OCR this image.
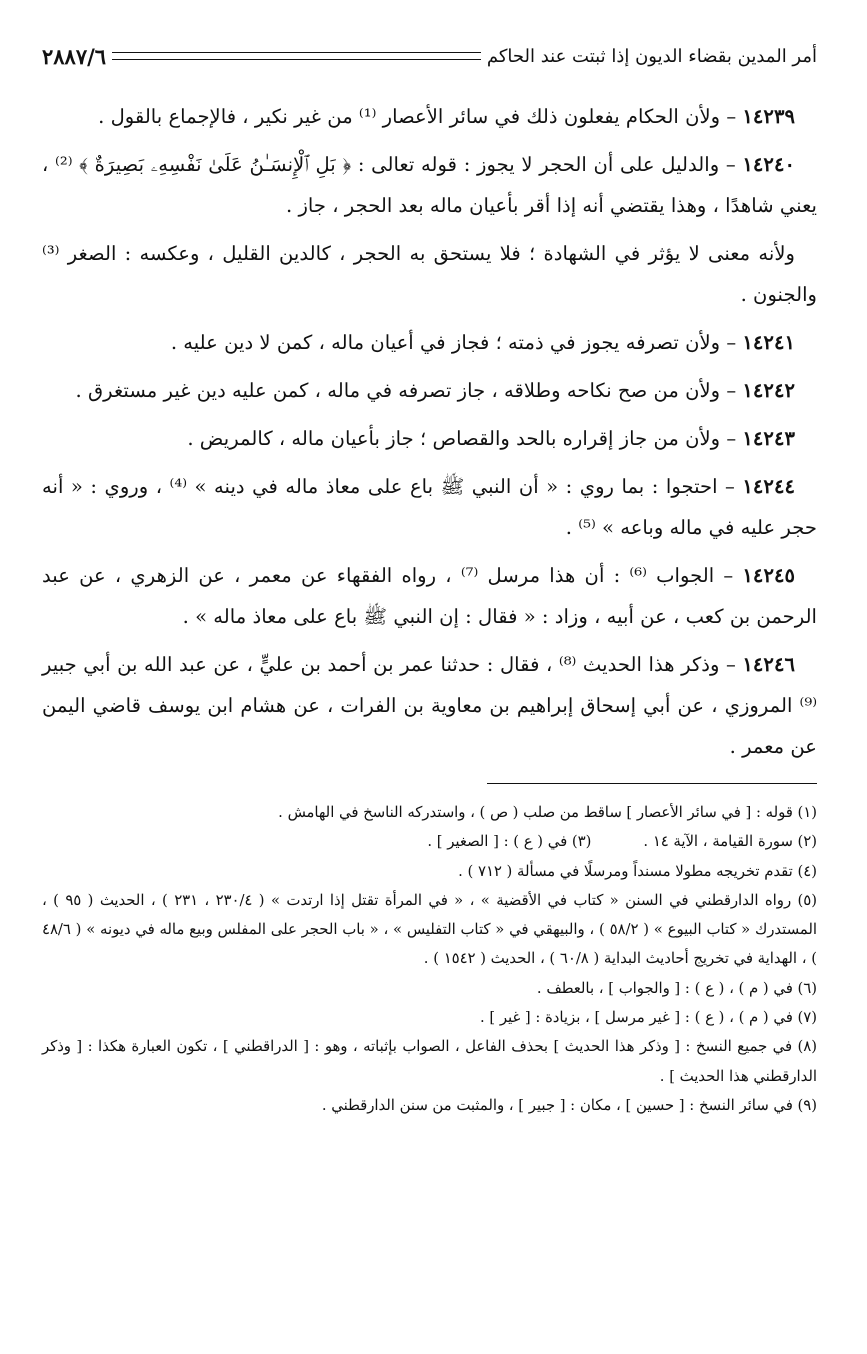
أمر المدين بقضاء الديون إذا ثبتت عند الحاكم
٢٨٨٧/٦

١٤٢٣٩ – ولأن الحكام يفعلون ذلك في سائر الأعصار ⁽¹⁾ من غير نكير ، فالإجماع بالقول .

١٤٢٤٠ – والدليل على أن الحجر لا يجوز : قوله تعالى : ﴿ بَلِ ٱلْإِنسَـٰنُ عَلَىٰ نَفْسِهِۦ بَصِيرَةٌ ﴾ ⁽²⁾ ، يعني شاهدًا ، وهذا يقتضي أنه إذا أقر بأعيان ماله بعد الحجر ، جاز .

ولأنه معنى لا يؤثر في الشهادة ؛ فلا يستحق به الحجر ، كالدين القليل ، وعكسه : الصغر ⁽³⁾ والجنون .

١٤٢٤١ – ولأن تصرفه يجوز في ذمته ؛ فجاز في أعيان ماله ، كمن لا دين عليه .

١٤٢٤٢ – ولأن من صح نكاحه وطلاقه ، جاز تصرفه في ماله ، كمن عليه دين غير مستغرق .

١٤٢٤٣ – ولأن من جاز إقراره بالحد والقصاص ؛ جاز بأعيان ماله ، كالمريض .

١٤٢٤٤ – احتجوا : بما روي : « أن النبي ﷺ باع على معاذ ماله في دينه » ⁽⁴⁾ ، وروي : « أنه حجر عليه في ماله وباعه » ⁽⁵⁾ .

١٤٢٤٥ – الجواب ⁽⁶⁾ : أن هذا مرسل ⁽⁷⁾ ، رواه الفقهاء عن معمر ، عن الزهري ، عن عبد الرحمن بن كعب ، عن أبيه ، وزاد : « فقال : إن النبي ﷺ باع على معاذ ماله » .

١٤٢٤٦ – وذكر هذا الحديث ⁽⁸⁾ ، فقال : حدثنا عمر بن أحمد بن عليٍّ ، عن عبد الله بن أبي جبير ⁽⁹⁾ المروزي ، عن أبي إسحاق إبراهيم بن معاوية بن الفرات ، عن هشام ابن يوسف قاضي اليمن عن معمر .

(١) قوله : [ في سائر الأعصار ] ساقط من صلب ( ص ) ، واستدركه الناسخ في الهامش .

(٢) سورة القيامة ، الآية ١٤ .
(٣) في ( ع ) : [ الصغير ] .

(٤) تقدم تخريجه مطولا مسنداً ومرسلًا في مسألة ( ٧١٢ ) .

(٥) رواه الدارقطني في السنن « كتاب في الأقضية » ، « في المرأة تقتل إذا ارتدت » ( ٢٣٠/٤ ، ٢٣١ ) ، الحديث ( ٩٥ ) ، المستدرك « كتاب البيوع » ( ٥٨/٢ ) ، والبيهقي في « كتاب التفليس » ، « باب الحجر على المفلس وبيع ماله في ديونه » ( ٤٨/٦ ) ، الهداية في تخريج أحاديث البداية ( ٦٠/٨ ) ، الحديث ( ١٥٤٢ ) .

(٦) في ( م ) ، ( ع ) : [ والجواب ] ، بالعطف .

(٧) في ( م ) ، ( ع ) : [ غير مرسل ] ، بزيادة : [ غير ] .

(٨) في جميع النسخ : [ وذكر هذا الحديث ] بحذف الفاعل ، الصواب بإثباته ، وهو : [ الدراقطني ] ، تكون العبارة هكذا : [ وذكر الدارقطني هذا الحديث ] .

(٩) في سائر النسخ : [ حسين ] ، مكان : [ جبير ] ، والمثبت من سنن الدارقطني .
